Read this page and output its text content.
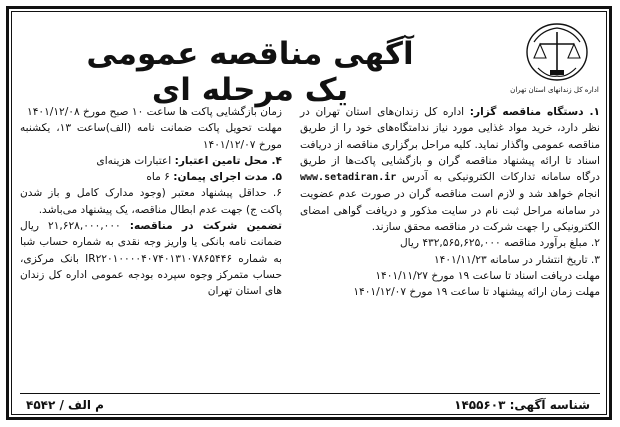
اداره کل زندانهای استان تهران
آگهی مناقصه عمومی یک مرحله ای

۱. دستگاه مناقصه گزار: اداره کل زندان‌های استان تهران در نظر دارد، خرید مواد غذایی مورد نیاز ندامتگاه‌های خود را از طریق مناقصه عمومی واگذار نماید. کلیه مراحل برگزاری مناقصه از دریافت اسناد تا ارائه پیشنهاد مناقصه گران و بازگشایی پاکت‌ها از طریق درگاه سامانه تدارکات الکترونیکی به آدرس www.setadiran.ir انجام خواهد شد و لازم است مناقصه گران در صورت عدم عضویت در سامانه مراحل ثبت نام در سایت مذکور و دریافت گواهی امضای الکترونیکی را جهت شرکت در مناقصه محقق سازند.

۲. مبلغ برآورد مناقصه ۴۳۲,۵۶۵,۶۲۵,۰۰۰ ریال

۳. تاریخ انتشار در سامانه ۱۴۰۱/۱۱/۲۳

مهلت دریافت اسناد تا ساعت ۱۹ مورخ ۱۴۰۱/۱۱/۲۷

مهلت زمان ارائه پیشنهاد تا ساعت ۱۹ مورخ ۱۴۰۱/۱۲/۰۷

زمان بازگشایی پاکت ها ساعت ۱۰ صبح مورخ ۱۴۰۱/۱۲/۰۸

مهلت تحویل پاکت ضمانت نامه (الف)ساعت ۱۳، یکشنبه مورخ ۱۴۰۱/۱۲/۰۷

۴. محل تامین اعتبار: اعتبارات هزینه‌ای

۵. مدت اجرای پیمان: ۶ ماه

۶. حداقل پیشنهاد معتبر (وجود مدارک کامل و باز شدن پاکت ج) جهت عدم ابطال مناقصه، یک پیشنهاد می‌باشد.

تضمین شرکت در مناقصه: ۲۱,۶۲۸,۰۰۰,۰۰۰ ریال ضمانت نامه بانکی یا واریز وجه نقدی به شماره حساب شبا به شماره IR۲۲۰۱۰۰۰۰۴۰۷۴۰۱۳۱۰۷۸۶۵۴۴۶ بانک مرکزی، حساب متمرکز وجوه سپرده بودجه عمومی اداره کل زندان های استان تهران

شناسه آگهی: ۱۴۵۵۶۰۳
م الف / ۴۵۴۲
